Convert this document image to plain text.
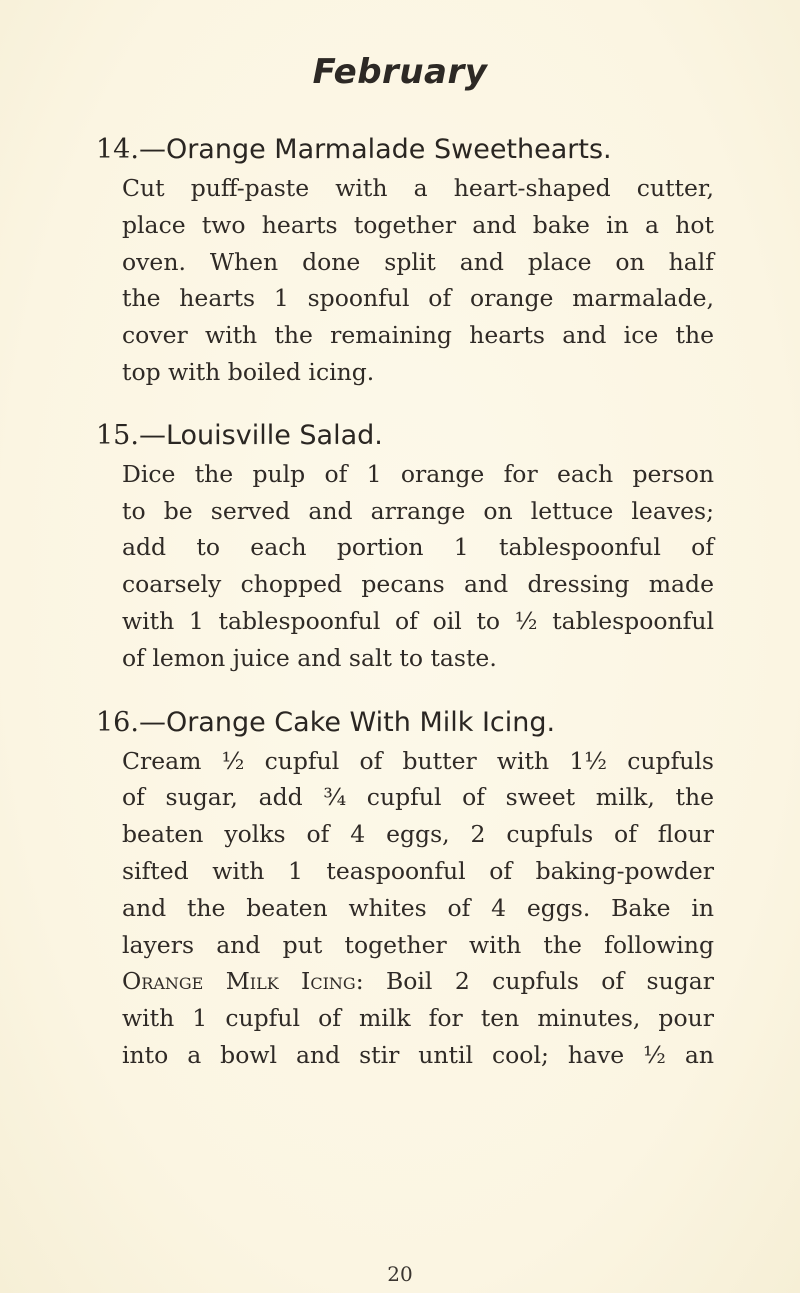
February
14.—Orange Marmalade Sweethearts.

Cut puff-paste with a heart-shaped cutter,
place two hearts together and bake in a hot
oven. When done split and place on half
the hearts 1 spoonful of orange marmalade,
cover with the remaining hearts and ice the
top with boiled icing.

15.—Louisville Salad.

Dice the pulp of 1 orange for each person
to be served and arrange on lettuce leaves;
add to each portion 1 tablespoonful of
coarsely chopped pecans and dressing made
with 1 tablespoonful of oil to ½ tablespoonful
of lemon juice and salt to taste.

16.—Orange Cake With Milk Icing.

Cream ½ cupful of butter with 1½ cupfuls
of sugar, add ¾ cupful of sweet milk, the
beaten yolks of 4 eggs, 2 cupfuls of flour
sifted with 1 teaspoonful of baking-powder
and the beaten whites of 4 eggs. Bake in
layers and put together with the following
Orange Milk Icing: Boil 2 cupfuls of sugar
with 1 cupful of milk for ten minutes, pour
into a bowl and stir until cool; have ½ an

20
